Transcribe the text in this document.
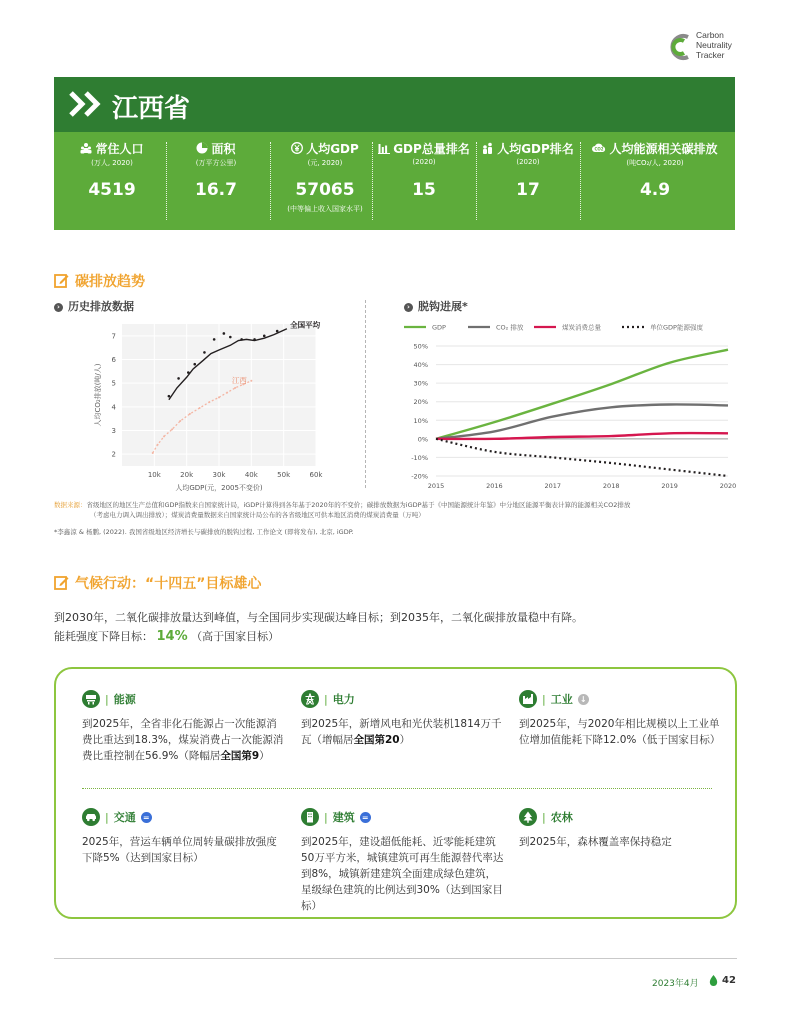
Carbon
Neutrality
Tracker
江西省
常住人口
(万人, 2020)
4519
面积
(万平方公里)
16.7
人均GDP
(元, 2020)
57065
(中等偏上收入国家水平)
GDP总量排名
(2020)
15
人均GDP排名
(2020)
17
CO2 人均能源相关碳排放
(吨CO₂/人, 2020)
4.9
碳排放趋势
› 历史排放数据	› 脱钩进展*
10k	20k	30k	40k	50k	60k
2
3
4
5
6
7
人均GDP(元，2005不变价)
人均CO₂排放(吨/人)	江西
全国平均
50%
40%
30%
20%
10%
0%
-10%
-20%
2015	2016	2017	2018	2019	2020
GDP	CO₂ 排放	煤炭消费总量	单位GDP能源强度
数据来源：省级地区的地区生产总值和GDP指数来自国家统计局，iGDP计算得到各年基于2020年的不变价；碳排放数据为iGDP基于《中国能源统计年鉴》中分地区能源平衡表计算的能源相关CO2排放
（考虑电力调入调出排放）；煤炭消费量数据来自国家统计局公布的各省级地区可供本地区消费的煤炭消费量（万吨）
*李鑫涼 & 杨鹏, (2022). 我国省级地区经济增长与碳排放的脱钩过程, 工作论文 (即将发布), 北京, iGDP.
气候行动：“十四五”目标雄心
到2030年，二氧化碳排放量达到峰值，与全国同步实现碳达峰目标；到2035年，二氧化碳排放量稳中有降。
能耗强度下降目标： 14% （高于国家目标）
| 能源
到2025年，全省非化石能源占一次能源消费比重达到18.3%，煤炭消费占一次能源消费比重控制在56.9%（降幅居全国第9）
| 电力
到2025年，新增风电和光伏装机1814万千瓦（增幅居全国第20）
| 工业 ↓
到2025年，与2020年相比规模以上工业单位增加值能耗下降12.0%（低于国家目标）
| 交通 =
2025年，营运车辆单位周转量碳排放强度下降5%（达到国家目标）
| 建筑 =
到2025年，建设超低能耗、近零能耗建筑50万平方米，城镇建筑可再生能源替代率达到8%，城镇新建建筑全面建成绿色建筑，星级绿色建筑的比例达到30%（达到国家目标）
| 农林
到2025年，森林覆盖率保持稳定
2023年4月 42
